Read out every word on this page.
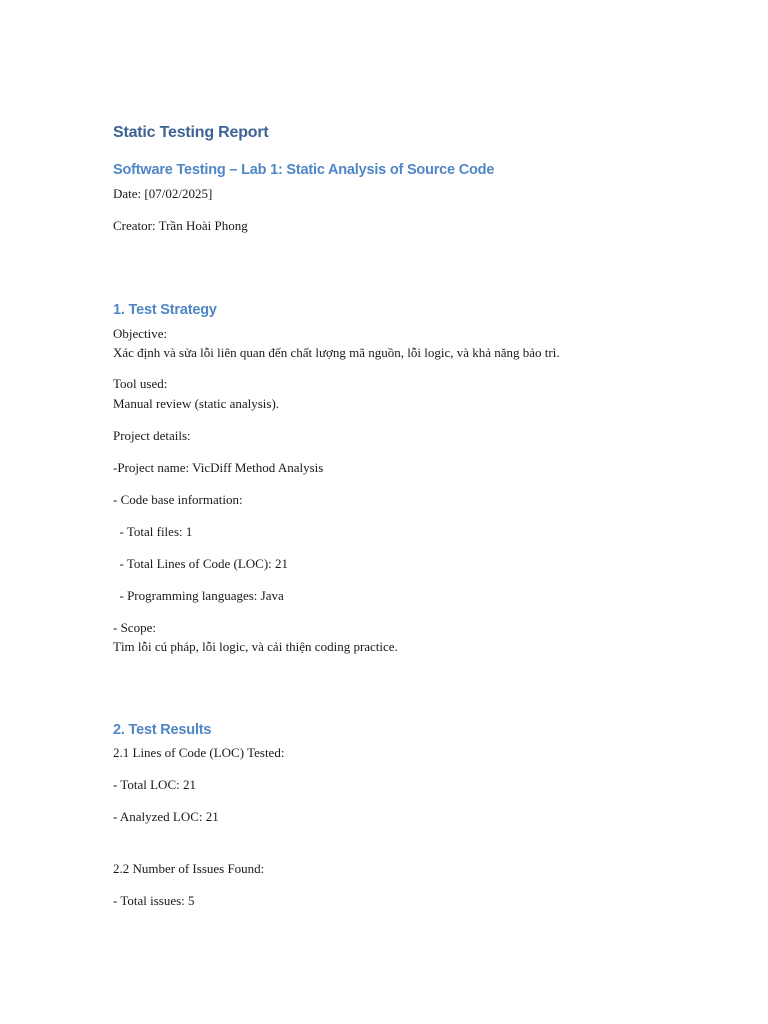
Static Testing Report
Software Testing – Lab 1: Static Analysis of Source Code
Date: [07/02/2025]
Creator: Trần Hoài Phong
1. Test Strategy
Objective:
Xác định và sửa lỗi liên quan đến chất lượng mã nguồn, lỗi logic, và khả năng bảo trì.
Tool used:
Manual review (static analysis).
Project details:
-Project name: VicDiff Method Analysis
- Code base information:
- Total files: 1
- Total Lines of Code (LOC): 21
- Programming languages: Java
- Scope:
Tìm lỗi cú pháp, lỗi logic, và cải thiện coding practice.
2. Test Results
2.1 Lines of Code (LOC) Tested:
- Total LOC: 21
- Analyzed LOC: 21
2.2 Number of Issues Found:
- Total issues: 5
